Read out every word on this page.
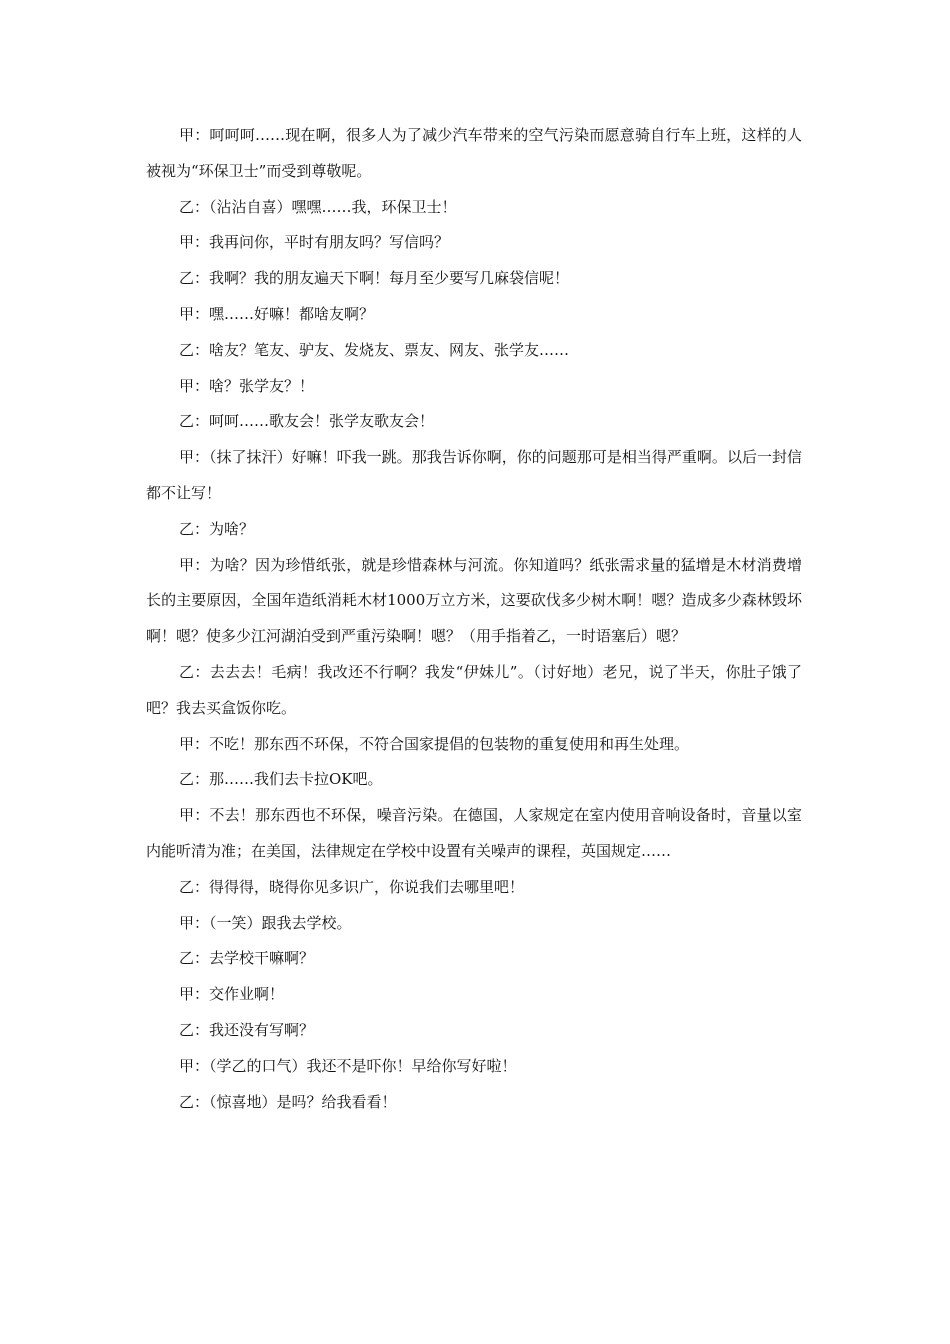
甲：呵呵呵……现在啊，很多人为了减少汽车带来的空气污染而愿意骑自行车上班，这样的人被视为“环保卫士”而受到尊敬呢。

乙：（沾沾自喜）嘿嘿……我，环保卫士！

甲：我再问你，平时有朋友吗？写信吗？

乙：我啊？我的朋友遍天下啊！每月至少要写几麻袋信呢！

甲：嘿……好嘛！都啥友啊？

乙：啥友？笔友、驴友、发烧友、票友、网友、张学友……

甲：啥？张学友？！

乙：呵呵……歌友会！张学友歌友会！

甲：（抹了抹汗）好嘛！吓我一跳。那我告诉你啊，你的问题那可是相当得严重啊。以后一封信都不让写！

乙：为啥？

甲：为啥？因为珍惜纸张，就是珍惜森林与河流。你知道吗？纸张需求量的猛增是木材消费增长的主要原因，全国年造纸消耗木材1000万立方米，这要砍伐多少树木啊！嗯？造成多少森林毁坏啊！嗯？使多少江河湖泊受到严重污染啊！嗯？（用手指着乙，一时语塞后）嗯？

乙：去去去！毛病！我改还不行啊？我发“伊妹儿”。（讨好地）老兄，说了半天，你肚子饿了吧？我去买盒饭你吃。

甲：不吃！那东西不环保，不符合国家提倡的包装物的重复使用和再生处理。

乙：那……我们去卡拉OK吧。

甲：不去！那东西也不环保，噪音污染。在德国，人家规定在室内使用音响设备时，音量以室内能听清为准；在美国，法律规定在学校中设置有关噪声的课程，英国规定……

乙：得得得，晓得你见多识广，你说我们去哪里吧！

甲：（一笑）跟我去学校。

乙：去学校干嘛啊？

甲：交作业啊！

乙：我还没有写啊？

甲：（学乙的口气）我还不是吓你！早给你写好啦！

乙：（惊喜地）是吗？给我看看！
